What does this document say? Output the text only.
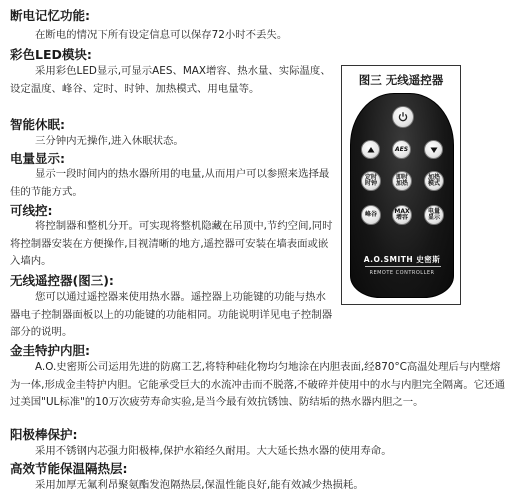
断电记忆功能:
在断电的情况下所有设定信息可以保存72小时不丢失。
彩色LED模块:
采用彩色LED显示,可显示AES、MAX增容、热水量、实际温度、设定温度、峰谷、定时、时钟、加热模式、用电量等。
智能休眠:
三分钟内无操作,进入休眠状态。
电量显示:
显示一段时间内的热水器所用的电量,从而用户可以参照来选择最佳的节能方式。
可线控:
将控制器和整机分开。可实现将整机隐藏在吊顶中,节约空间,同时将控制器安装在方便操作,目视清晰的地方,遥控器可安装在墙表面或嵌入墙内。
无线遥控器(图三):
您可以通过遥控器来使用热水器。遥控器上功能键的功能与热水器电子控制器面板以上的功能键的功能相同。功能说明详见电子控制器部分的说明。
金圭特护内胆:
A.O.史密斯公司运用先进的防腐工艺,将特种硅化物均匀地涂在内胆表面,经870°C高温处理后与内壁熔为一体,形成金圭特护内胆。它能承受巨大的水流冲击而不脱落,不破碎并使用中的水与内胆完全隔离。它还通过美国"UL标准"的10万次疲劳寿命实验,是当今最有效抗锈蚀、防结垢的热水器内胆之一。
阳极棒保护:
采用不锈钢内芯强力阳极棒,保护水箱经久耐用。大大延长热水器的使用寿命。
高效节能保温隔热层:
采用加厚无氟利昂聚氨酯发泡隔热层,保温性能良好,能有效减少热损耗。
图三 无线遥控器
AES
定时
时钟
即时
加热
加热
模式
峰谷	MAX
增容
电量
显示
A.O.SMITH 史密斯
REMOTE CONTROLLER
